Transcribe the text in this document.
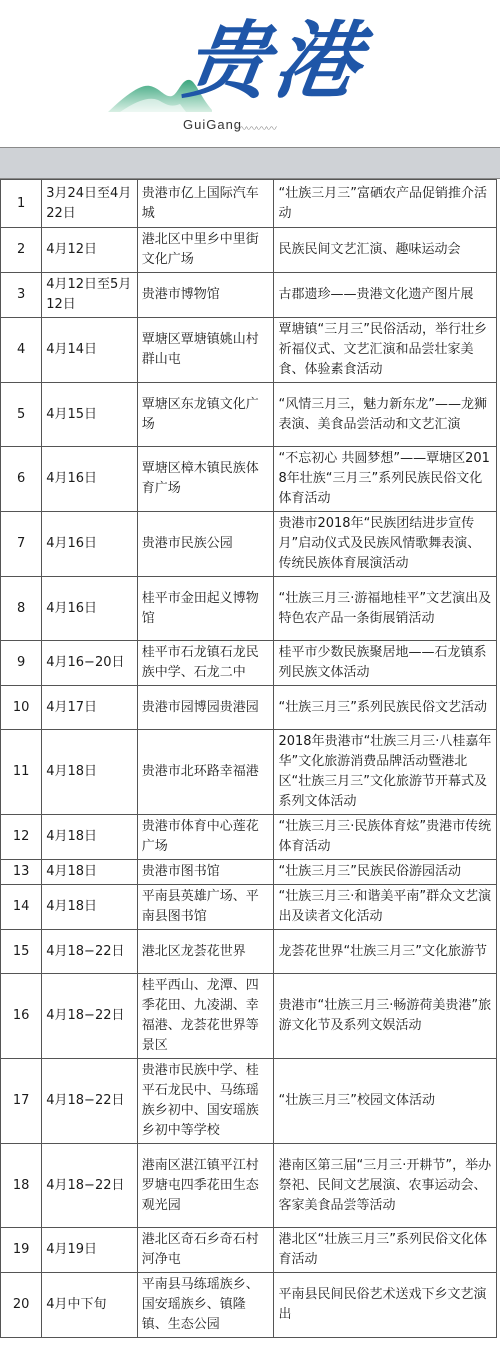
贵港
GuiGang
〰〰〰〰
1	3月24日至4月22日	贵港市亿上国际汽车城	“壮族三月三”富硒农产品促销推介活动
2	4月12日	港北区中里乡中里街文化广场	民族民间文艺汇演、趣味运动会
3	4月12日至5月12日	贵港市博物馆	古郡遗珍——贵港文化遗产图片展
4	4月14日	覃塘区覃塘镇姚山村群山屯	覃塘镇“三月三”民俗活动，举行壮乡祈福仪式、文艺汇演和品尝壮家美食、体验素食活动
5	4月15日	覃塘区东龙镇文化广场	“风情三月三，魅力新东龙”——龙狮表演、美食品尝活动和文艺汇演
6	4月16日	覃塘区樟木镇民族体育广场	“不忘初心 共圆梦想”——覃塘区2018年壮族“三月三”系列民族民俗文化体育活动
7	4月16日	贵港市民族公园	贵港市2018年“民族团结进步宣传月”启动仪式及民族风情歌舞表演、传统民族体育展演活动
8	4月16日	桂平市金田起义博物馆	“壮族三月三·游福地桂平”文艺演出及特色农产品一条街展销活动
9	4月16−20日	桂平市石龙镇石龙民族中学、石龙二中	桂平市少数民族聚居地——石龙镇系列民族文体活动
10	4月17日	贵港市园博园贵港园	“壮族三月三”系列民族民俗文艺活动
11	4月18日	贵港市北环路幸福港	2018年贵港市“壮族三月三·八桂嘉年华”文化旅游消费品牌活动暨港北区“壮族三月三”文化旅游节开幕式及系列文体活动
12	4月18日	贵港市体育中心莲花广场	“壮族三月三·民族体育炫”贵港市传统体育活动
13	4月18日	贵港市图书馆	“壮族三月三”民族民俗游园活动
14	4月18日	平南县英雄广场、平南县图书馆	“壮族三月三·和谐美平南”群众文艺演出及读者文化活动
15	4月18−22日	港北区龙荟花世界	龙荟花世界“壮族三月三”文化旅游节
16	4月18−22日	桂平西山、龙潭、四季花田、九凌湖、幸福港、龙荟花世界等景区	贵港市“壮族三月三·畅游荷美贵港”旅游文化节及系列文娱活动
17	4月18−22日	贵港市民族中学、桂平石龙民中、马练瑶族乡初中、国安瑶族乡初中等学校	“壮族三月三”校园文体活动
18	4月18−22日	港南区湛江镇平江村罗塘屯四季花田生态观光园	港南区第三届“三月三·开耕节”，举办祭祀、民间文艺展演、农事运动会、客家美食品尝等活动
19	4月19日	港北区奇石乡奇石村河净屯	港北区“壮族三月三”系列民俗文化体育活动
20	4月中下旬	平南县马练瑶族乡、国安瑶族乡、镇隆镇、生态公园	平南县民间民俗艺术送戏下乡文艺演出
